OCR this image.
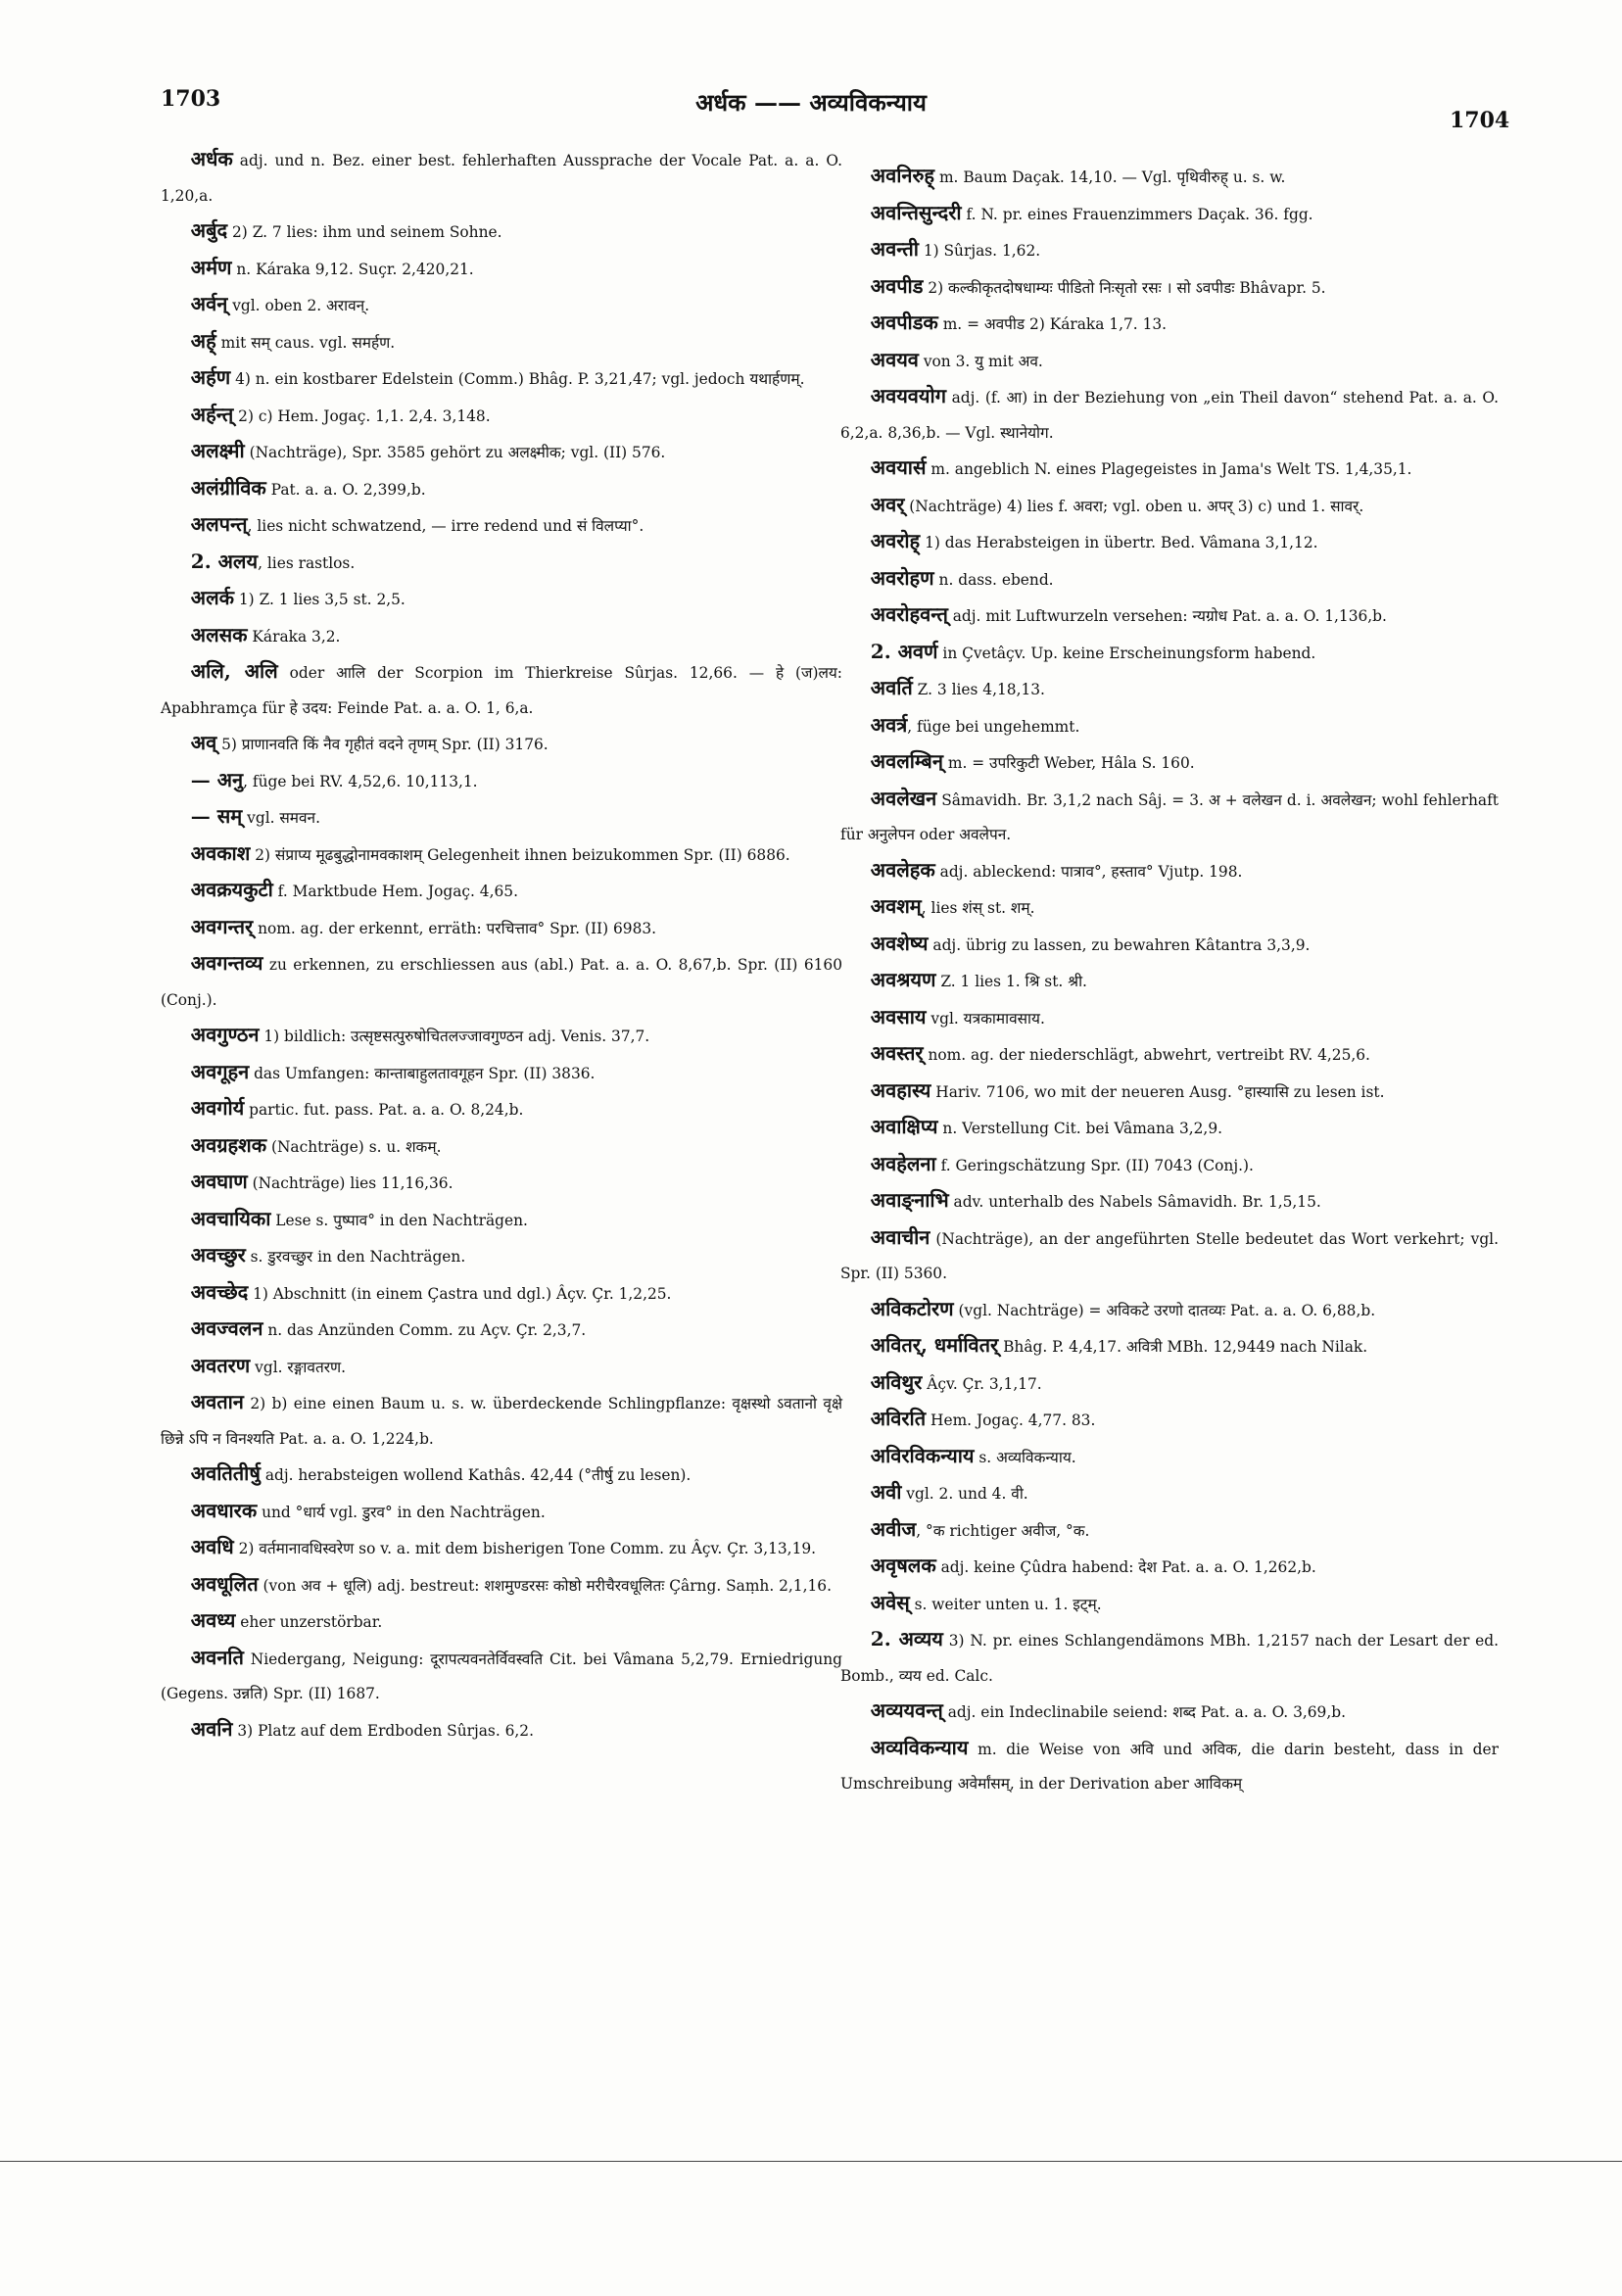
1703	अर्धक —— अव्यविकन्याय
1704

अर्धक adj. und n. Bez. einer best. fehlerhaften Aussprache der Vocale Pat. a. a. O. 1,20,a.

अर्बुद 2) Z. 7 lies: ihm und seinem Sohne.

अर्मण n. Káraka 9,12. Suçr. 2,420,21.

अर्वन् vgl. oben 2. अरावन्.

अर्ह् mit सम् caus. vgl. समर्हण.

अर्हण 4) n. ein kostbarer Edelstein (Comm.) Bhâg. P. 3,21,47; vgl. jedoch यथार्हणम्.

अर्हन्त् 2) c) Hem. Jogaç. 1,1. 2,4. 3,148.

अलक्ष्मी (Nachträge), Spr. 3585 gehört zu अलक्ष्मीक; vgl. (II) 576.

अलंग्रीविक Pat. a. a. O. 2,399,b.

अलपन्त्, lies nicht schwatzend, — irre redend und सं विलप्या°.

2. अलय, lies rastlos.

अलर्क 1) Z. 1 lies 3,5 st. 2,5.

अलसक Káraka 3,2.

अलि, अलि oder आलि der Scorpion im Thierkreise Sûrjas. 12,66. — हे (ज)लय: Apabhramça für हे उदय: Feinde Pat. a. a. O. 1, 6,a.

अव् 5) प्राणानवति किं नैव गृहीतं वदने तृणम् Spr. (II) 3176.

— अनु, füge bei RV. 4,52,6. 10,113,1.

— सम् vgl. समवन.

अवकाश 2) संप्राप्य मूढबुद्धोनामवकाशम् Gelegenheit ihnen beizukommen Spr. (II) 6886.

अवक्रयकुटी f. Marktbude Hem. Jogaç. 4,65.

अवगन्तर् nom. ag. der erkennt, erräth: परचित्ताव° Spr. (II) 6983.

अवगन्तव्य zu erkennen, zu erschliessen aus (abl.) Pat. a. a. O. 8,67,b. Spr. (II) 6160 (Conj.).

अवगुण्ठन 1) bildlich: उत्सृष्टसत्पुरुषोचितलज्जावगुण्ठन adj. Venis. 37,7.

अवगूहन das Umfangen: कान्ताबाहुलतावगूहन Spr. (II) 3836.

अवगोर्य partic. fut. pass. Pat. a. a. O. 8,24,b.

अवग्रहशक (Nachträge) s. u. शकम्.

अवघाण (Nachträge) lies 11,16,36.

अवचायिका Lese s. पुष्पाव° in den Nachträgen.

अवच्छुर s. डुरवच्छुर in den Nachträgen.

अवच्छेद 1) Abschnitt (in einem Çastra und dgl.) Âçv. Çr. 1,2,25.

अवज्वलन n. das Anzünden Comm. zu Açv. Çr. 2,3,7.

अवतरण vgl. रङ्गावतरण.

अवतान 2) b) eine einen Baum u. s. w. überdeckende Schlingpflanze: वृक्षस्थो ऽवतानो वृक्षे छिन्ने ऽपि न विनश्यति Pat. a. a. O. 1,224,b.

अवतितीर्षु adj. herabsteigen wollend Kathâs. 42,44 (°तीर्षु zu lesen).

अवधारक und °धार्य vgl. डुरव° in den Nachträgen.

अवधि 2) वर्तमानावधिस्वरेण so v. a. mit dem bisherigen Tone Comm. zu Âçv. Çr. 3,13,19.

अवधूलित (von अव + धूलि) adj. bestreut: शशमुण्डरसः कोष्ठो मरीचैरवधूलितः Çârng. Saṃh. 2,1,16.

अवध्य eher unzerstörbar.

अवनति Niedergang, Neigung: दूरापत्यवनतेर्विवस्वति Cit. bei Vâmana 5,2,79. Erniedrigung (Gegens. उन्नति) Spr. (II) 1687.

अवनि 3) Platz auf dem Erdboden Sûrjas. 6,2.

अवनिरुह् m. Baum Daçak. 14,10. — Vgl. पृथिवीरुह् u. s. w.

अवन्तिसुन्दरी f. N. pr. eines Frauenzimmers Daçak. 36. fgg.

अवन्ती 1) Sûrjas. 1,62.

अवपीड 2) कल्कीकृतदोषधाम्यः पीडितो निःसृतो रसः । सो ऽवपीडः Bhâvapr. 5.

अवपीडक m. = अवपीड 2) Káraka 1,7. 13.

अवयव von 3. यु mit अव.

अवयवयोग adj. (f. आ) in der Beziehung von „ein Theil davon“ stehend Pat. a. a. O. 6,2,a. 8,36,b. — Vgl. स्थानेयोग.

अवयार्स m. angeblich N. eines Plagegeistes in Jama's Welt TS. 1,4,35,1.

अवर् (Nachträge) 4) lies f. अवरा; vgl. oben u. अपर् 3) c) und 1. सावर्.

अवरोह् 1) das Herabsteigen in übertr. Bed. Vâmana 3,1,12.

अवरोहण n. dass. ebend.

अवरोहवन्त् adj. mit Luftwurzeln versehen: न्यग्रोध Pat. a. a. O. 1,136,b.

2. अवर्ण in Çvetâçv. Up. keine Erscheinungsform habend.

अवर्ति Z. 3 lies 4,18,13.

अवर्त्र, füge bei ungehemmt.

अवलम्बिन् m. = उपरिकुटी Weber, Hâla S. 160.

अवलेखन Sâmavidh. Br. 3,1,2 nach Sâj. = 3. अ + वलेखन d. i. अवलेखन; wohl fehlerhaft für अनुलेपन oder अवलेपन.

अवलेहक adj. ableckend: पात्राव°, हस्ताव° Vjutp. 198.

अवशम्, lies शंस् st. शम्.

अवशेष्य adj. übrig zu lassen, zu bewahren Kâtantra 3,3,9.

अवश्रयण Z. 1 lies 1. श्रि st. श्री.

अवसाय vgl. यत्रकामावसाय.

अवस्तर् nom. ag. der niederschlägt, abwehrt, vertreibt RV. 4,25,6.

अवहास्य Hariv. 7106, wo mit der neueren Ausg. °हास्यासि zu lesen ist.

अवाक्षिप्य n. Verstellung Cit. bei Vâmana 3,2,9.

अवहेलना f. Geringschätzung Spr. (II) 7043 (Conj.).

अवाङ्नाभि adv. unterhalb des Nabels Sâmavidh. Br. 1,5,15.

अवाचीन (Nachträge), an der angeführten Stelle bedeutet das Wort verkehrt; vgl. Spr. (II) 5360.

अविकटोरण (vgl. Nachträge) = अविकटे उरणो दातव्यः Pat. a. a. O. 6,88,b.

अवितर्, धर्मावितर् Bhâg. P. 4,4,17. अवित्री MBh. 12,9449 nach Nilak.

अविथुर Âçv. Çr. 3,1,17.

अविरति Hem. Jogaç. 4,77. 83.

अविरविकन्याय s. अव्यविकन्याय.

अवी vgl. 2. und 4. वी.

अवीज, °क richtiger अवीज, °क.

अवृषलक adj. keine Çûdra habend: देश Pat. a. a. O. 1,262,b.

अवेस् s. weiter unten u. 1. इट्म्.

2. अव्यय 3) N. pr. eines Schlangendämons MBh. 1,2157 nach der Lesart der ed. Bomb., व्यय ed. Calc.

अव्ययवन्त् adj. ein Indeclinabile seiend: शब्द Pat. a. a. O. 3,69,b.

अव्यविकन्याय m. die Weise von अवि und अविक, die darin besteht, dass in der Umschreibung अवेर्मांसम्, in der Derivation aber आविकम्
